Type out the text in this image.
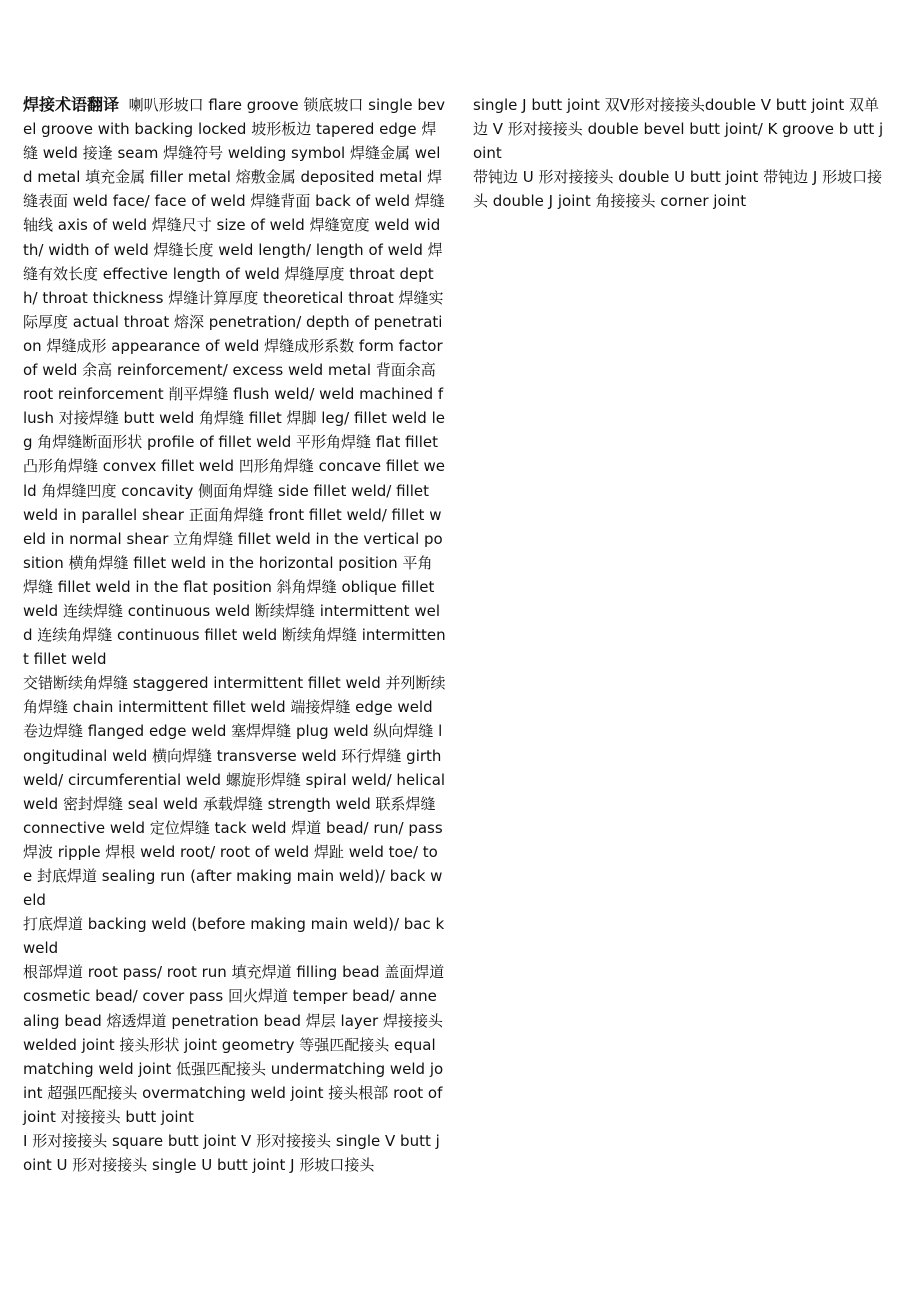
焊接术语翻译 喇叭形坡口 flare groove 锁底坡口 single bevel groove with backing locked 坡形板边 tapered edge 焊缝 weld 接逢 seam 焊缝符号 welding symbol 焊缝金属 weld metal 填充金属 filler metal 熔敷金属 deposited metal 焊缝表面 weld face/ face of weld 焊缝背面 back of weld 焊缝轴线 axis of weld 焊缝尺寸 size of weld 焊缝宽度 weld width/ width of weld 焊缝长度 weld length/ length of weld 焊缝有效长度 effective length of weld 焊缝厚度 throat depth/ throat thickness 焊缝计算厚度 theoretical throat 焊缝实际厚度 actual throat 熔深 penetration/ depth of penetration 焊缝成形 appearance of weld 焊缝成形系数 form factor of weld 余高 reinforcement/ excess weld metal 背面余高 root reinforcement 削平焊缝 flush weld/ weld machined flush 对接焊缝 butt weld 角焊缝 fillet 焊脚 leg/ fillet weld leg 角焊缝断面形状 profile of fillet weld 平形角焊缝 flat fillet 凸形角焊缝 convex fillet weld 凹形角焊缝 concave fillet weld 角焊缝凹度 concavity 侧面角焊缝 side fillet weld/ fillet weld in parallel shear 正面角焊缝 front fillet weld/ fillet weld in normal shear 立角焊缝 fillet weld in the vertical position 横角焊缝 fillet weld in the horizontal position 平角焊缝 fillet weld in the flat position 斜角焊缝 oblique fillet weld 连续焊缝 continuous weld 断续焊缝 intermittent weld 连续角焊缝 continuous fillet weld 断续角焊缝 intermittent fillet weld

交错断续角焊缝 staggered intermittent fillet weld 并列断续角焊缝 chain intermittent fillet weld 端接焊缝 edge weld 卷边焊缝 flanged edge weld 塞焊焊缝 plug weld 纵向焊缝 longitudinal weld 横向焊缝 transverse weld 环行焊缝 girth weld/ circumferential weld 螺旋形焊缝 spiral weld/ helical weld 密封焊缝 seal weld 承载焊缝 strength weld 联系焊缝 connective weld 定位焊缝 tack weld 焊道 bead/ run/ pass 焊波 ripple 焊根 weld root/ root of weld 焊趾 weld toe/ toe 封底焊道 sealing run (after making main weld)/ back w eld

打底焊道 backing weld (before making main weld)/ bac k weld

根部焊道 root pass/ root run 填充焊道 filling bead 盖面焊道 cosmetic bead/ cover pass 回火焊道 temper bead/ annealing bead 熔透焊道 penetration bead 焊层 layer 焊接接头 welded joint 接头形状 joint geometry 等强匹配接头 equal matching weld joint 低强匹配接头 undermatching weld joint 超强匹配接头 overmatching weld joint 接头根部 root of joint 对接接头 butt joint

I 形对接接头 square butt joint V 形对接接头 single V butt joint U 形对接接头 single U butt joint J 形坡口接头

single J butt joint 双V形对接接头double V butt joint 双单边 V 形对接接头 double bevel butt joint/ K groove b utt joint

带钝边 U 形对接接头 double U butt joint 带钝边 J 形坡口接头 double J joint 角接接头 corner joint
